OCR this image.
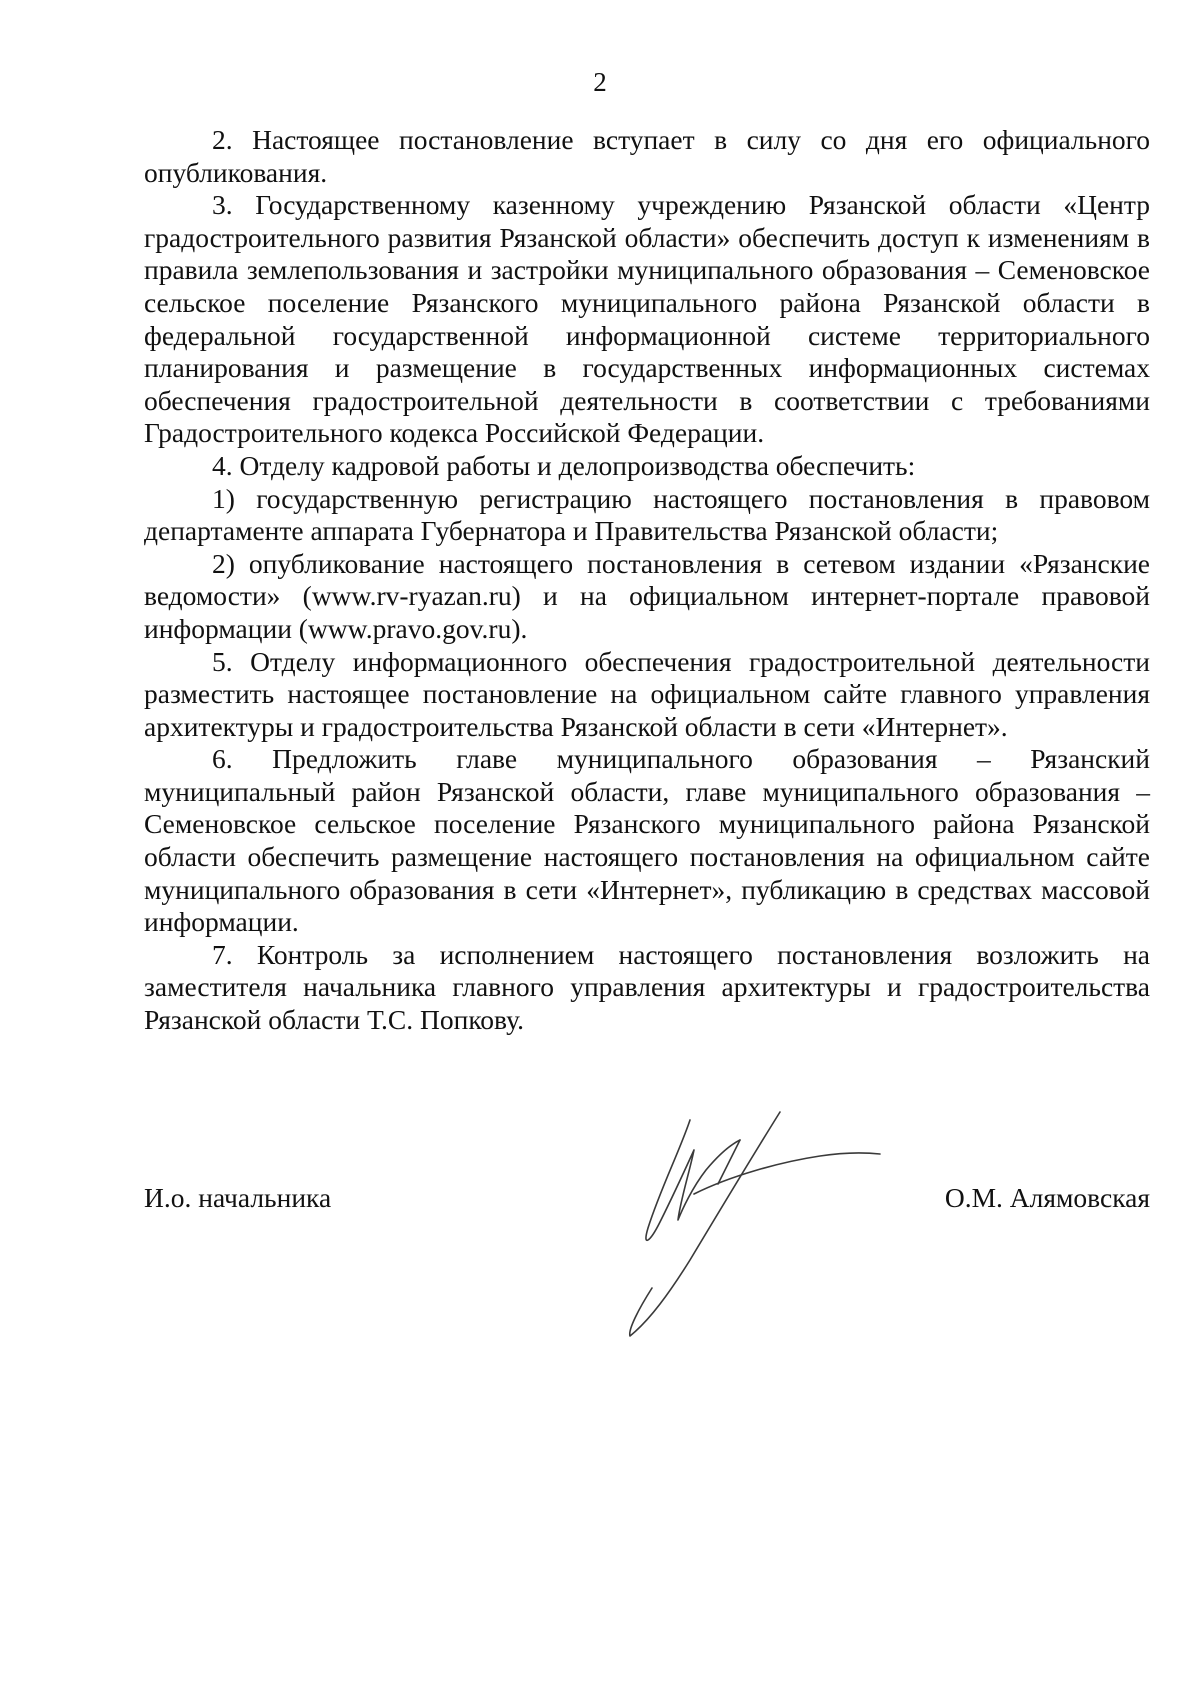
2

2. Настоящее постановление вступает в силу со дня его официального опубликования.

3. Государственному казенному учреждению Рязанской области «Центр градостроительного развития Рязанской области» обеспечить доступ к изменениям в правила землепользования и застройки муниципального образования – Семеновское сельское поселение Рязанского муниципального района Рязанской области в федеральной государственной информационной системе территориального планирования и размещение в государственных информационных системах обеспечения градостроительной деятельности в соответствии с требованиями Градостроительного кодекса Российской Федерации.

4. Отделу кадровой работы и делопроизводства обеспечить:

1) государственную регистрацию настоящего постановления в правовом департаменте аппарата Губернатора и Правительства Рязанской области;

2) опубликование настоящего постановления в сетевом издании «Рязанские ведомости» (www.rv-ryazan.ru) и на официальном интернет-портале правовой информации (www.pravo.gov.ru).

5. Отделу информационного обеспечения градостроительной деятельности разместить настоящее постановление на официальном сайте главного управления архитектуры и градостроительства Рязанской области в сети «Интернет».

6. Предложить главе муниципального образования – Рязанский муниципальный район Рязанской области, главе муниципального образования – Семеновское сельское поселение Рязанского муниципального района Рязанской области обеспечить размещение настоящего постановления на официальном сайте муниципального образования в сети «Интернет», публикацию в средствах массовой информации.

7. Контроль за исполнением настоящего постановления возложить на заместителя начальника главного управления архитектуры и градостроительства Рязанской области Т.С. Попкову.

И.о. начальника	О.М. Алямовская
